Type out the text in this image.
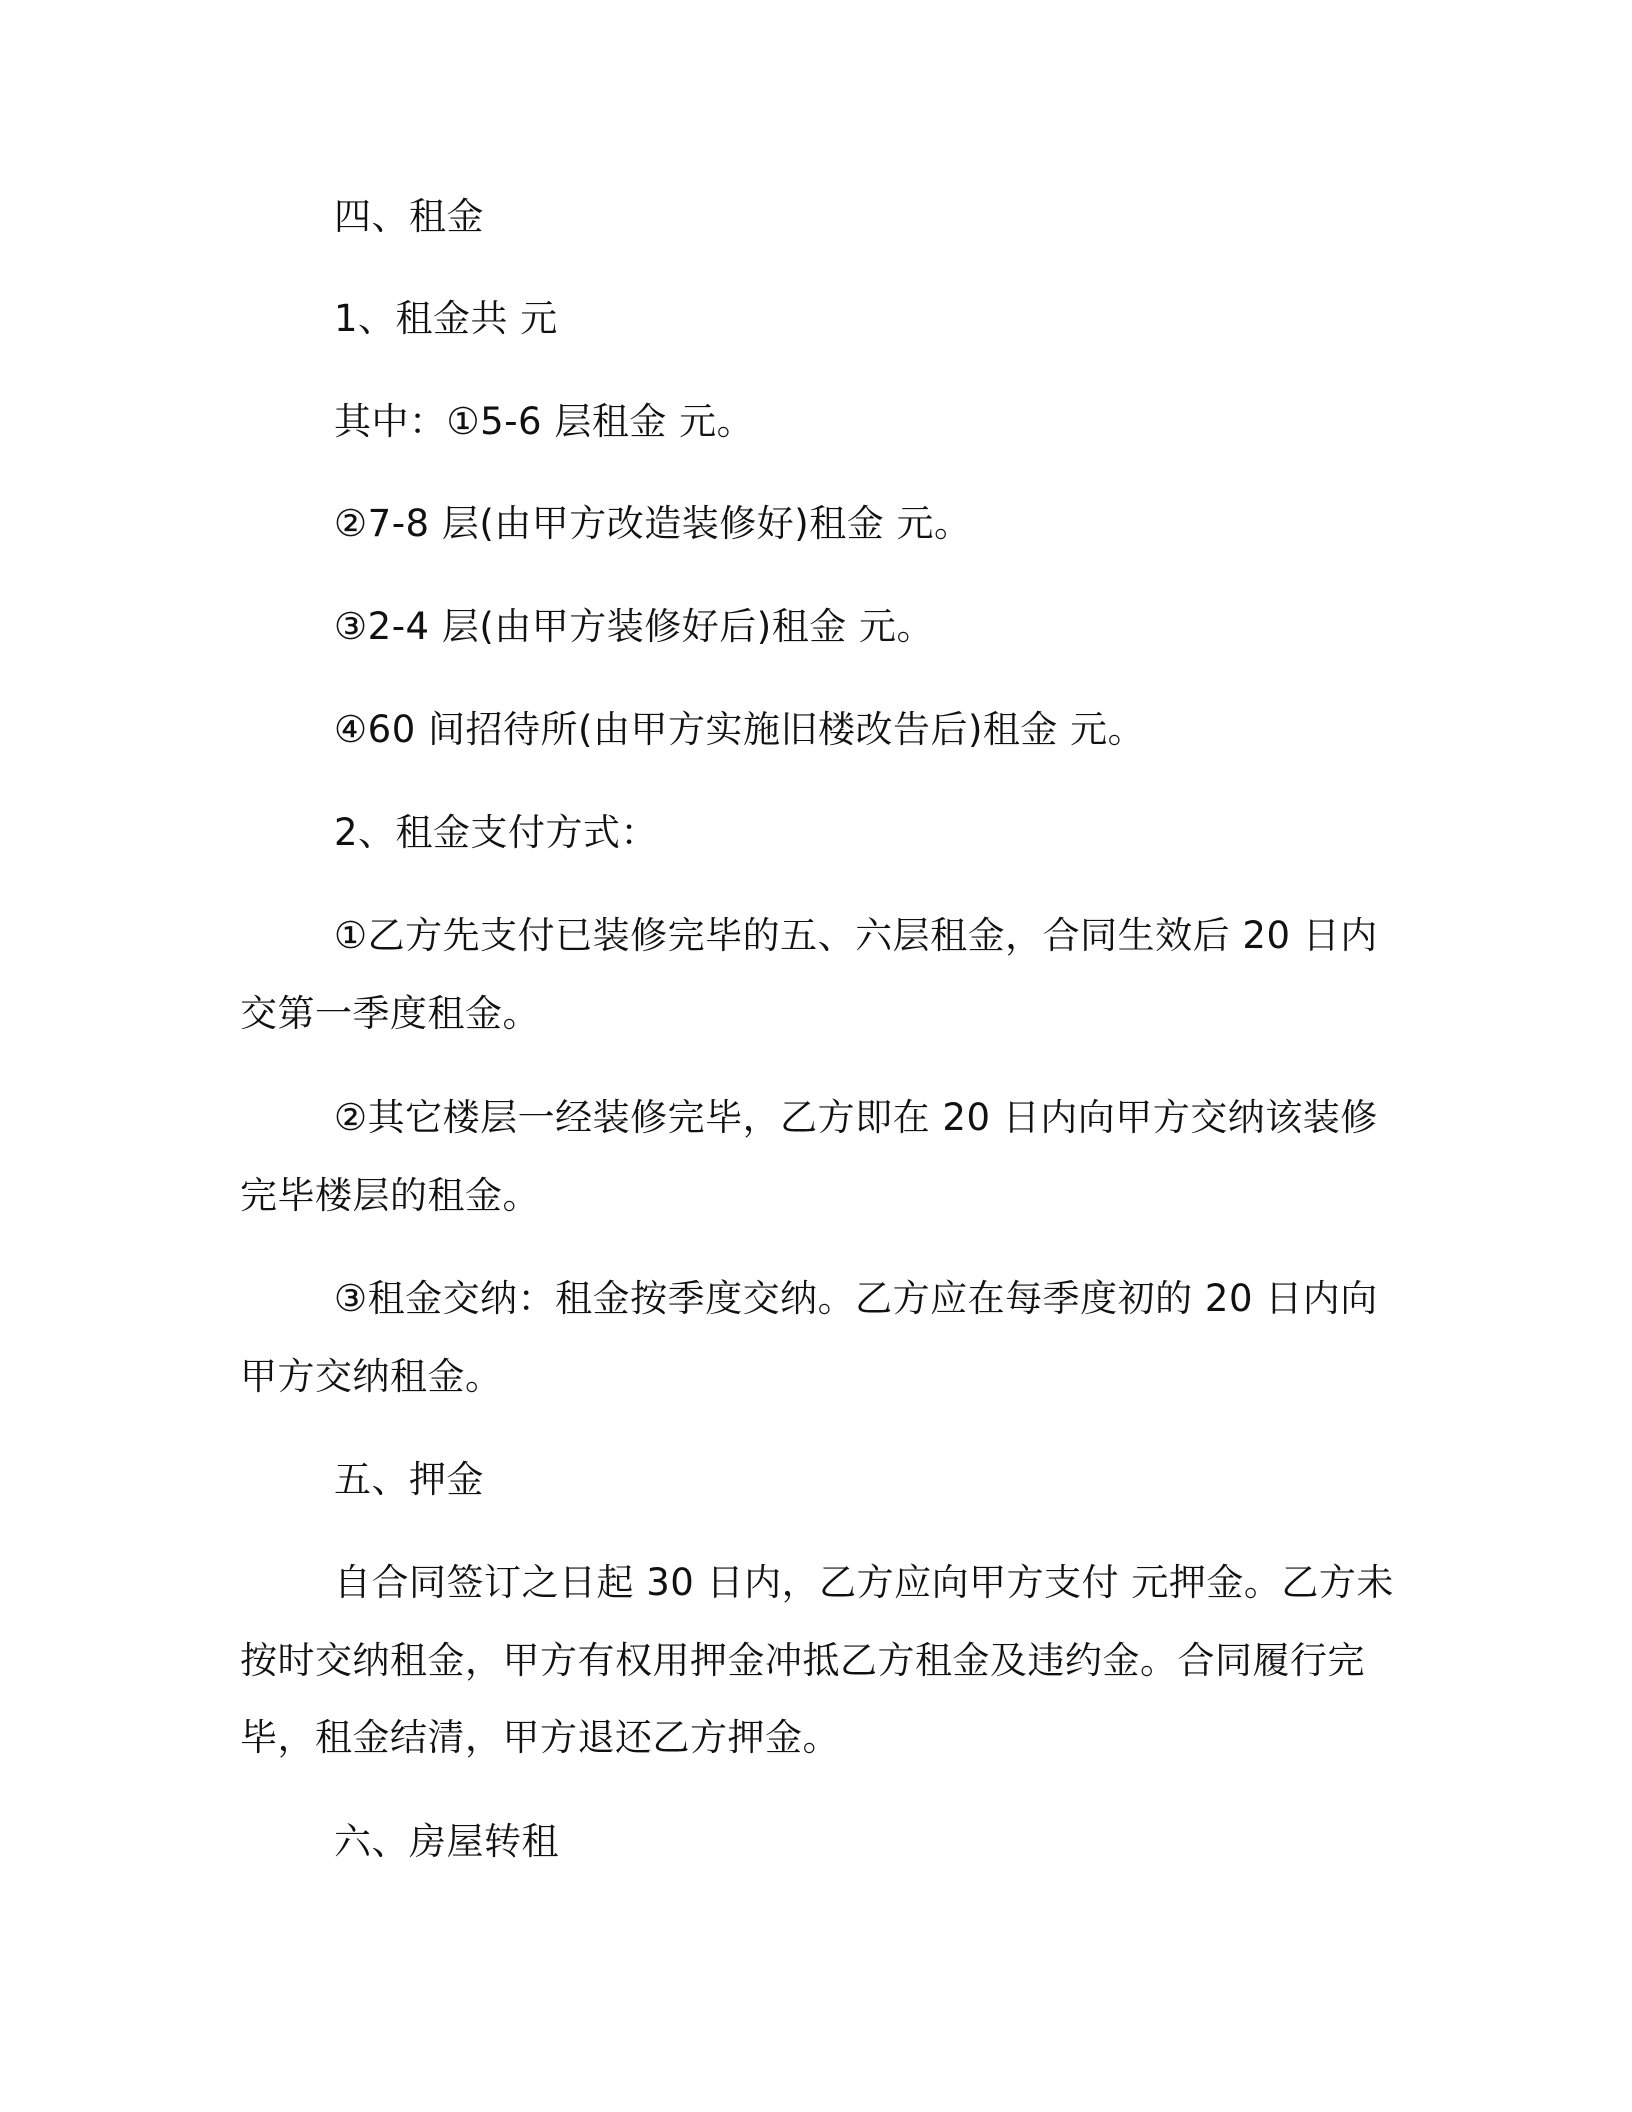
四、租金
1、租金共 元
其中：①5-6 层租金 元。
②7-8 层(由甲方改造装修好)租金 元。
③2-4 层(由甲方装修好后)租金 元。
④60 间招待所(由甲方实施旧楼改告后)租金 元。
2、租金支付方式：
①乙方先支付已装修完毕的五、六层租金，合同生效后 20 日内
交第一季度租金。
②其它楼层一经装修完毕，乙方即在 20 日内向甲方交纳该装修
完毕楼层的租金。
③租金交纳：租金按季度交纳。乙方应在每季度初的 20 日内向
甲方交纳租金。
五、押金
自合同签订之日起 30 日内，乙方应向甲方支付 元押金。乙方未
按时交纳租金，甲方有权用押金冲抵乙方租金及违约金。合同履行完
毕，租金结清，甲方退还乙方押金。
六、房屋转租
